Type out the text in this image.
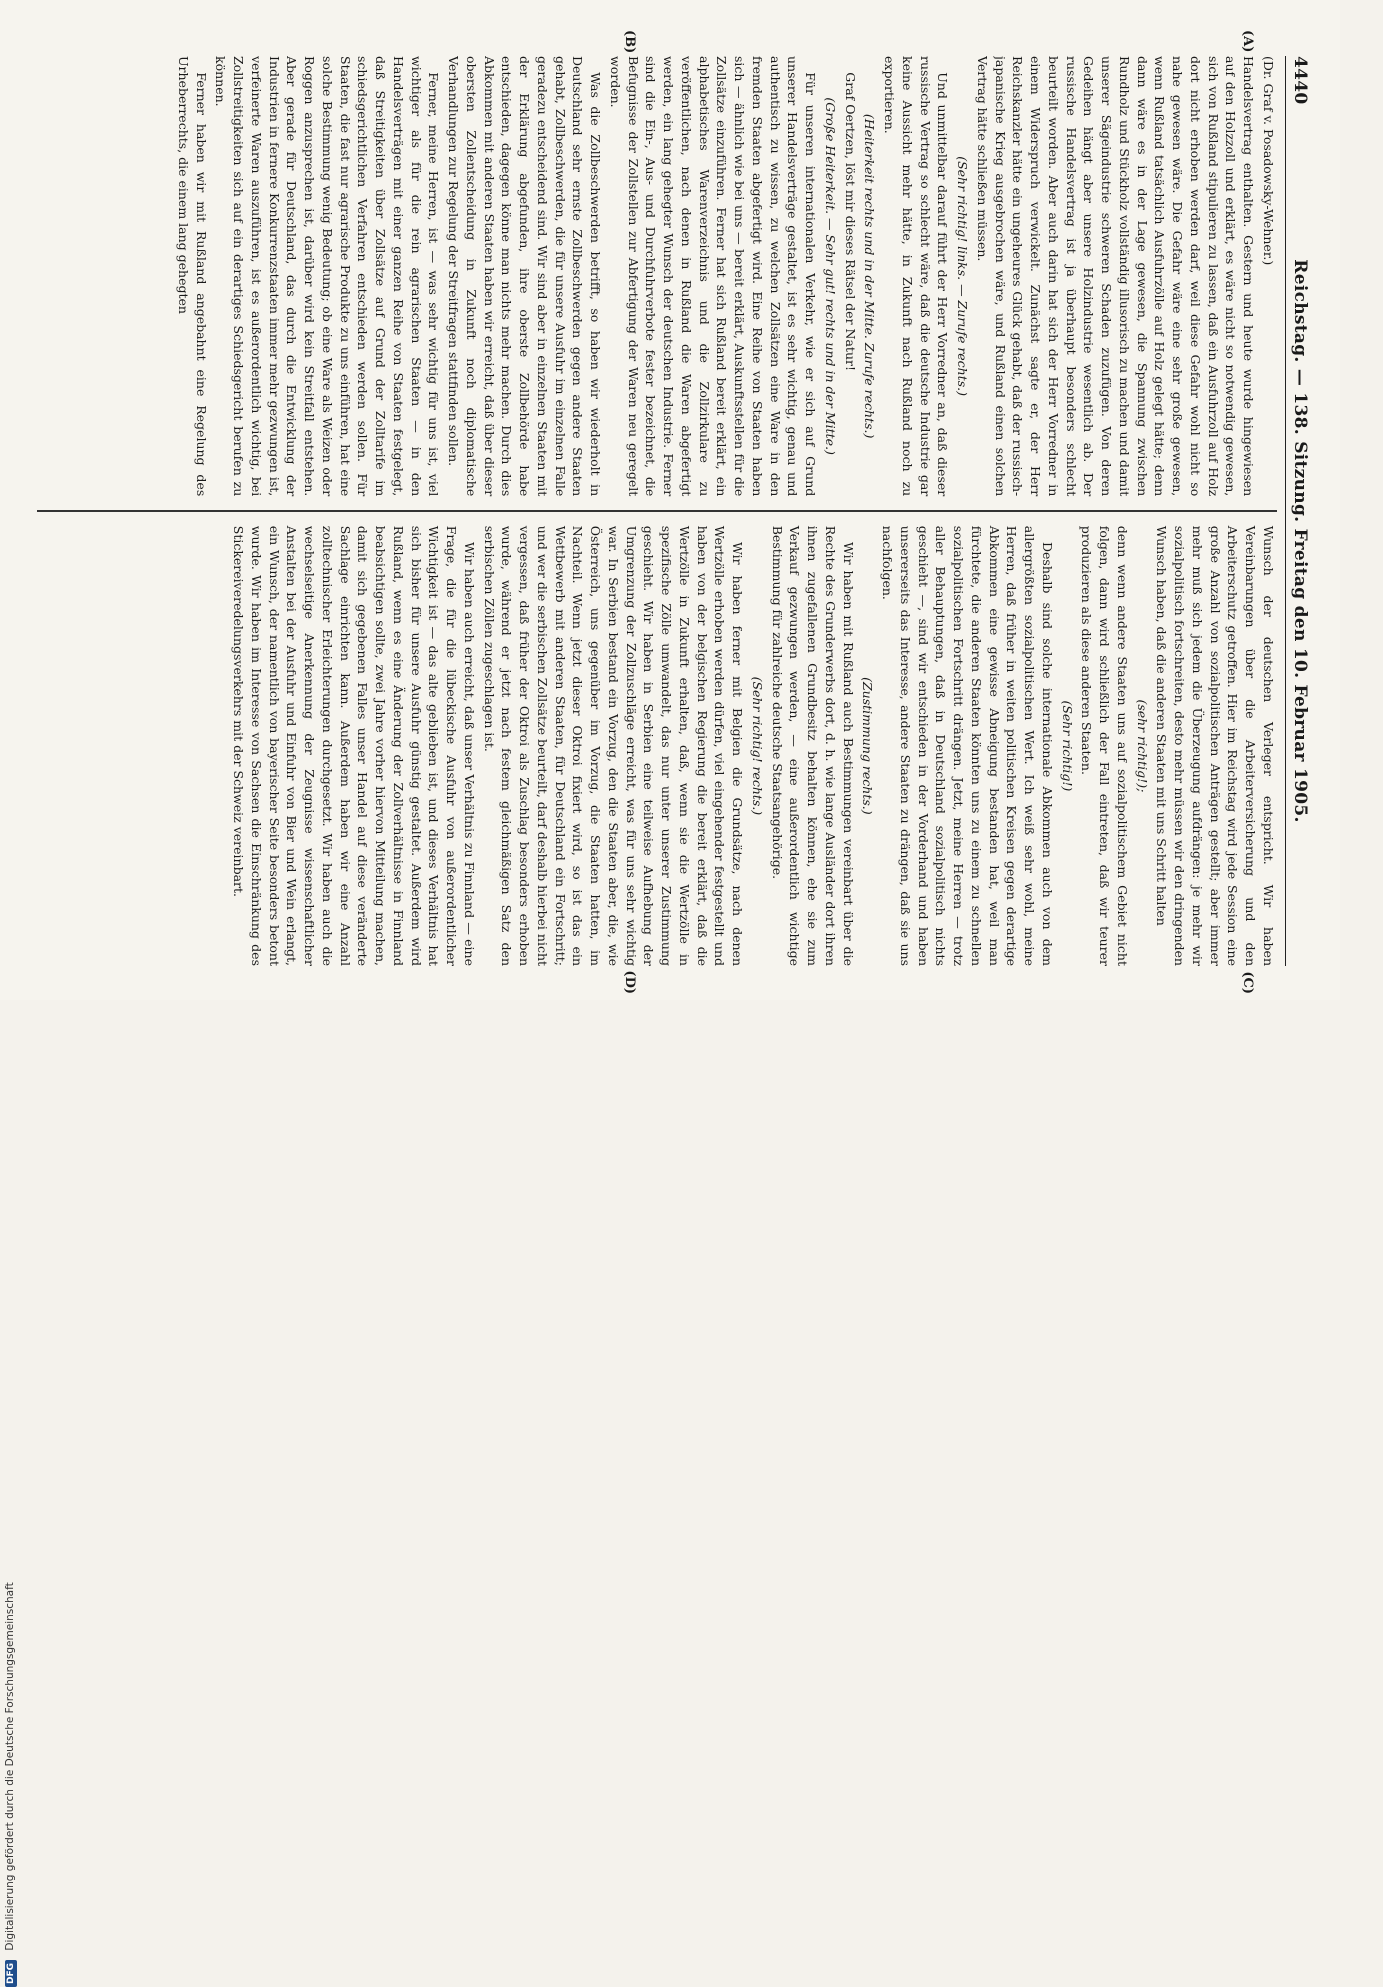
DFG Digitalisierung gefördert durch die Deutsche Forschungsgemeinschaft
4440
Reichstag. — 138. Sitzung. Freitag den 10. Februar 1905.
(A)
(B)

(Dr. Graf v. Posadowsky-Wehner.)

Handelsvertrag enthalten. Gestern und heute wurde hingewiesen auf den Holzzoll und erklärt, es wäre nicht so notwendig gewesen, sich von Rußland stipulieren zu lassen, daß ein Ausfuhrzoll auf Holz dort nicht erhoben werden darf, weil diese Gefahr wohl nicht so nahe gewesen wäre. Die Gefahr wäre eine sehr große gewesen, wenn Rußland tatsächlich Ausfuhrzölle auf Holz gelegt hätte; denn dann wäre es in der Lage gewesen, die Spannung zwischen Rundholz und Stückholz vollständig illusorisch zu machen und damit unserer Sägeindustrie schweren Schaden zuzufügen. Von deren Gedeihen hängt aber unsere Holzindustrie wesentlich ab. Der russische Handelsvertrag ist ja überhaupt besonders schlecht beurteilt worden. Aber auch darin hat sich der Herr Vorredner in einem Widerspruch verwickelt. Zunächst sagte er, der Herr Reichskanzler hätte ein ungeheures Glück gehabt, daß der russisch-japanische Krieg ausgebrochen wäre, und Rußland einen solchen Vertrag hätte schließen müssen.

(Sehr richtig! links. — Zurufe rechts.)

Und unmittelbar darauf führt der Herr Vorredner an, daß dieser russische Vertrag so schlecht wäre, daß die deutsche Industrie gar keine Aussicht mehr hätte, in Zukunft nach Rußland noch zu exportieren.

(Heiterkeit rechts und in der Mitte. Zurufe rechts.)

Graf Oertzen, löst mir dieses Rätsel der Natur!

(Große Heiterkeit. — Sehr gut! rechts und in der Mitte.)

Für unseren internationalen Verkehr, wie er sich auf Grund unserer Handelsverträge gestaltet, ist es sehr wichtig, genau und authentisch zu wissen, zu welchen Zollsätzen eine Ware in den fremden Staaten abgefertigt wird. Eine Reihe von Staaten haben sich — ähnlich wie bei uns — bereit erklärt, Auskunftsstellen für die Zollsätze einzuführen. Ferner hat sich Rußland bereit erklärt, ein alphabetisches Warenverzeichnis und die Zollzirkulare zu veröffentlichen, nach denen in Rußland die Waren abgefertigt werden, ein lang gehegter Wunsch der deutschen Industrie. Ferner sind die Ein-, Aus- und Durchfuhrverbote fester bezeichnet, die Befugnisse der Zollstellen zur Abfertigung der Waren neu geregelt worden.

Was die Zollbeschwerden betrifft, so haben wir wiederholt in Deutschland sehr ernste Zollbeschwerden gegen andere Staaten gehabt, Zollbeschwerden, die für unsere Ausfuhr im einzelnen Falle geradezu entscheidend sind. Wir sind aber in einzelnen Staaten mit der Erklärung abgefunden, ihre oberste Zollbehörde habe entschieden, dagegen könne man nichts mehr machen. Durch dies Abkommen mit anderen Staaten haben wir erreicht, daß über dieser obersten Zollentscheidung in Zukunft noch diplomatische Verhandlungen zur Regelung der Streitfragen stattfinden sollen.

Ferner, meine Herren, ist — was sehr wichtig für uns ist, viel wichtiger als für die rein agrarischen Staaten — in den Handelsverträgen mit einer ganzen Reihe von Staaten festgelegt, daß Streitigkeiten über Zollsätze auf Grund der Zolltarife im schiedsgerichtlichen Verfahren entschieden werden sollen. Für Staaten, die fast nur agrarische Produkte zu uns einführen, hat eine solche Bestimmung wenig Bedeutung; ob eine Ware als Weizen oder Roggen anzusprechen ist, darüber wird kein Streitfall entstehen. Aber gerade für Deutschland, das durch die Entwicklung der Industrien in fernere Konkurrenzstaaten immer mehr gezwungen ist, verfeinerte Waren auszuführen, ist es außerordentlich wichtig, bei Zollstreitigkeiten sich auf ein derartiges Schiedsgericht berufen zu können.

Ferner haben wir mit Rußland angebahnt eine Regelung des Urheberrechts, die einem lang gehegten

Wunsch der deutschen Verleger entspricht. Wir haben Vereinbarungen über die Arbeiterversicherung und den Arbeiterschutz getroffen. Hier im Reichstag wird jede Session eine große Anzahl von sozialpolitischen Anträgen gestellt; aber immer mehr muß sich jedem die Überzeugung aufdrängen: je mehr wir sozialpolitisch fortschreiten, desto mehr müssen wir den dringenden Wunsch haben, daß die anderen Staaten mit uns Schritt halten

(sehr richtig!);

denn wenn andere Staaten uns auf sozialpolitischem Gebiet nicht folgen, dann wird schließlich der Fall eintreten, daß wir teurer produzieren als diese anderen Staaten.

(Sehr richtig!)

Deshalb sind solche internationale Abkommen auch von dem allergrößten sozialpolitischen Wert. Ich weiß sehr wohl, meine Herren, daß früher in weiten politischen Kreisen gegen derartige Abkommen eine gewisse Abneigung bestanden hat, weil man fürchtete, die anderen Staaten könnten uns zu einem zu schnellen sozialpolitischen Fortschritt drängen. Jetzt, meine Herren — trotz aller Behauptungen, daß in Deutschland sozialpolitisch nichts geschieht —, sind wir entschieden in der Vorderhand und haben unsererseits das Interesse, andere Staaten zu drängen, daß sie uns nachfolgen.

(Zustimmung rechts.)

Wir haben mit Rußland auch Bestimmungen vereinbart über die Rechte des Grunderwerbs dort, d. h. wie lange Ausländer dort ihren ihnen zugefallenen Grundbesitz behalten können, ehe sie zum Verkauf gezwungen werden, — eine außerordentlich wichtige Bestimmung für zahlreiche deutsche Staatsangehörige.

(Sehr richtig! rechts.)

Wir haben ferner mit Belgien die Grundsätze, nach denen Wertzölle erhoben werden dürfen, viel eingehender festgestellt und haben von der belgischen Regierung die bereit erklärt, daß die Wertzölle in Zukunft erhalten, daß, wenn sie die Wertzölle in spezifische Zölle umwandelt, das nur unter unserer Zustimmung geschieht. Wir haben in Serbien eine teilweise Aufhebung der Umgrenzung der Zollzuschläge erreicht, was für uns sehr wichtig war. In Serbien bestand ein Vorzug, den die Staaten aber, die, wie Österreich, uns gegenüber im Vorzug, die Staaten hatten, im Nachteil. Wenn jetzt dieser Oktroi fixiert wird, so ist das ein Wettbewerb mit anderen Staaten, für Deutschland ein Fortschritt; und wer die serbischen Zollsätze beurteilt, darf deshalb hierbei nicht vergessen, daß früher der Oktroi als Zuschlag besonders erhoben wurde, während er jetzt nach festem gleichmäßigen Satz den serbischen Zöllen zugeschlagen ist.

Wir haben auch erreicht, daß unser Verhältnis zu Finnland — eine Frage, die für die lübeckische Ausfuhr von außerordentlicher Wichtigkeit ist — das alte geblieben ist, und dieses Verhältnis hat sich bisher für unsere Ausfuhr günstig gestaltet. Außerdem wird Rußland, wenn es eine Änderung der Zollverhältnisse in Finnland beabsichtigen sollte, zwei Jahre vorher hiervon Mitteilung machen, damit sich gegebenen Falles unser Handel auf diese veränderte Sachlage einrichten kann. Außerdem haben wir eine Anzahl zolltechnischer Erleichterungen durchgesetzt. Wir haben auch die wechselseitige Anerkennung der Zeugnisse wissenschaftlicher Anstalten bei der Ausfuhr und Einfuhr von Bier und Wein erlangt, ein Wunsch, der namentlich von bayerischer Seite besonders betont wurde. Wir haben im Interesse von Sachsen die Einschränkung des Stickereiveredelungsverkehrs mit der Schweiz vereinbart.

(C)
(D)
